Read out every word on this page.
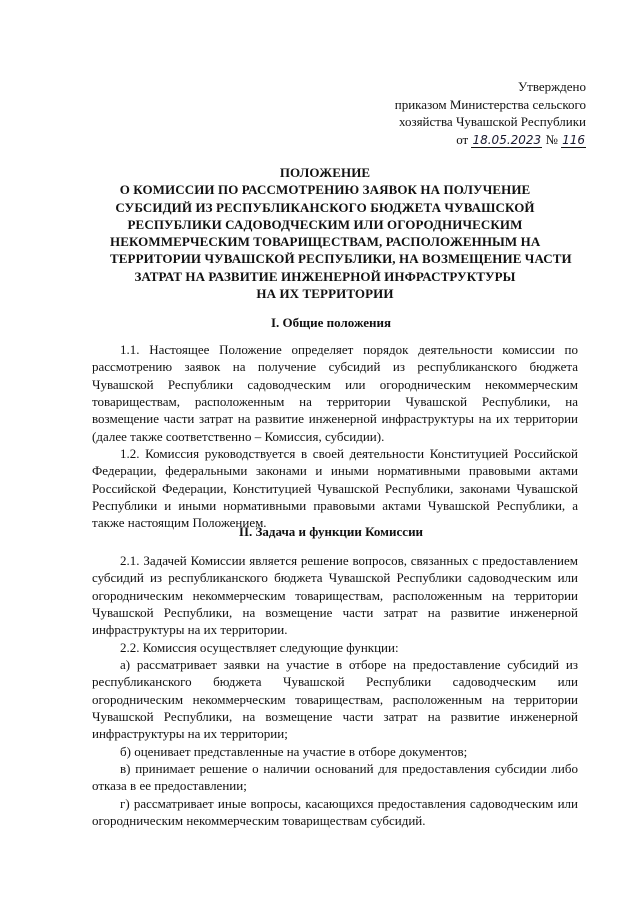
Утверждено
приказом Министерства сельского
хозяйства Чувашской Республики
от 18.05.2023 № 116
ПОЛОЖЕНИЕ
О КОМИССИИ ПО РАССМОТРЕНИЮ ЗАЯВОК НА ПОЛУЧЕНИЕ
СУБСИДИЙ ИЗ РЕСПУБЛИКАНСКОГО БЮДЖЕТА ЧУВАШСКОЙ
РЕСПУБЛИКИ САДОВОДЧЕСКИМ ИЛИ ОГОРОДНИЧЕСКИМ
НЕКОММЕРЧЕСКИМ ТОВАРИЩЕСТВАМ, РАСПОЛОЖЕННЫМ НА
ТЕРРИТОРИИ ЧУВАШСКОЙ РЕСПУБЛИКИ, НА ВОЗМЕЩЕНИЕ ЧАСТИ
ЗАТРАТ НА РАЗВИТИЕ ИНЖЕНЕРНОЙ ИНФРАСТРУКТУРЫ
НА ИХ ТЕРРИТОРИИ
I. Общие положения

1.1. Настоящее Положение определяет порядок деятельности комиссии по рассмотрению заявок на получение субсидий из республиканского бюджета Чувашской Республики садоводческим или огородническим некоммерческим товариществам, расположенным на территории Чувашской Республики, на возмещение части затрат на развитие инженерной инфраструктуры на их территории (далее также соответственно – Комиссия, субсидии).

1.2. Комиссия руководствуется в своей деятельности Конституцией Российской Федерации, федеральными законами и иными нормативными правовыми актами Российской Федерации, Конституцией Чувашской Республики, законами Чувашской Республики и иными нормативными правовыми актами Чувашской Республики, а также настоящим Положением.

II. Задача и функции Комиссии

2.1. Задачей Комиссии является решение вопросов, связанных с предоставлением субсидий из республиканского бюджета Чувашской Республики садоводческим или огородническим некоммерческим товариществам, расположенным на территории Чувашской Республики, на возмещение части затрат на развитие инженерной инфраструктуры на их территории.

2.2. Комиссия осуществляет следующие функции:

а) рассматривает заявки на участие в отборе на предоставление субсидий из республиканского бюджета Чувашской Республики садоводческим или огородническим некоммерческим товариществам, расположенным на территории Чувашской Республики, на возмещение части затрат на развитие инженерной инфраструктуры на их территории;

б) оценивает представленные на участие в отборе документов;

в) принимает решение о наличии оснований для предоставления субсидии либо отказа в ее предоставлении;

г) рассматривает иные вопросы, касающихся предоставления садоводческим или огородническим некоммерческим товариществам субсидий.
